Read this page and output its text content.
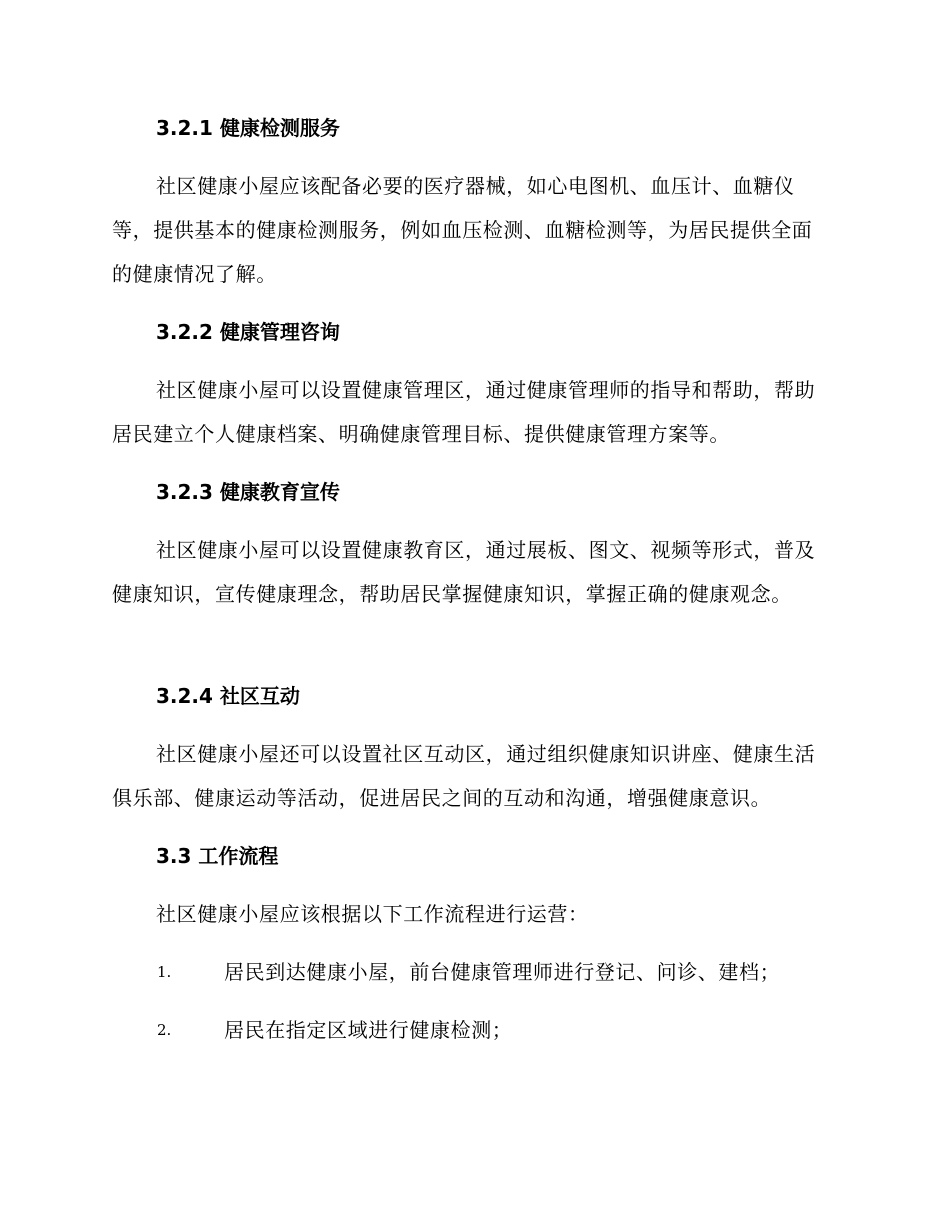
3.2.1 健康检测服务
社区健康小屋应该配备必要的医疗器械，如心电图机、血压计、血糖仪等，提供基本的健康检测服务，例如血压检测、血糖检测等，为居民提供全面的健康情况了解。
3.2.2 健康管理咨询
社区健康小屋可以设置健康管理区，通过健康管理师的指导和帮助，帮助居民建立个人健康档案、明确健康管理目标、提供健康管理方案等。
3.2.3 健康教育宣传
社区健康小屋可以设置健康教育区，通过展板、图文、视频等形式，普及健康知识，宣传健康理念，帮助居民掌握健康知识，掌握正确的健康观念。
3.2.4 社区互动
社区健康小屋还可以设置社区互动区，通过组织健康知识讲座、健康生活俱乐部、健康运动等活动，促进居民之间的互动和沟通，增强健康意识。
3.3 工作流程
社区健康小屋应该根据以下工作流程进行运营：
1.	居民到达健康小屋，前台健康管理师进行登记、问诊、建档；
2.	居民在指定区域进行健康检测；
